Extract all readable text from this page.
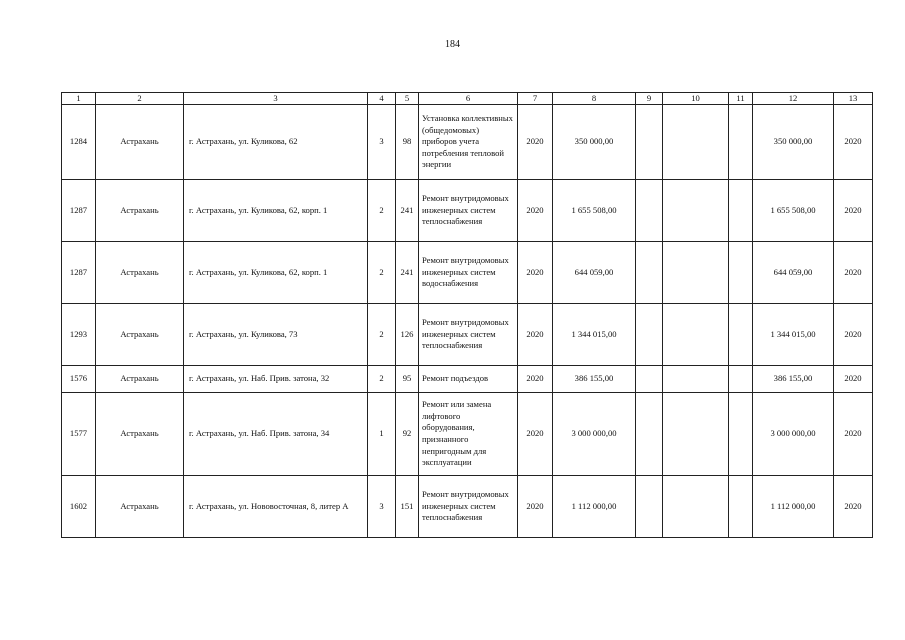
184
1	2	3	4	5	6	7	8	9	10	11	12	13
1284	Астрахань	г. Астрахань, ул. Куликова, 62	3	98	Установка коллективных (общедомовых) приборов учета потребления тепловой энергии	2020	350 000,00				350 000,00	2020
1287	Астрахань	г. Астрахань, ул. Куликова, 62, корп. 1	2	241	Ремонт внутридомовых инженерных систем теплоснабжения	2020	1 655 508,00				1 655 508,00	2020
1287	Астрахань	г. Астрахань, ул. Куликова, 62, корп. 1	2	241	Ремонт внутридомовых инженерных систем водоснабжения	2020	644 059,00				644 059,00	2020
1293	Астрахань	г. Астрахань, ул. Куликова, 73	2	126	Ремонт внутридомовых инженерных систем теплоснабжения	2020	1 344 015,00				1 344 015,00	2020
1576	Астрахань	г. Астрахань, ул. Наб. Прив. затона, 32	2	95	Ремонт подъездов	2020	386 155,00				386 155,00	2020
1577	Астрахань	г. Астрахань, ул. Наб. Прив. затона, 34	1	92	Ремонт или замена лифтового оборудования, признанного непригодным для эксплуатации	2020	3 000 000,00				3 000 000,00	2020
1602	Астрахань	г. Астрахань, ул. Нововосточная, 8, литер А	3	151	Ремонт внутридомовых инженерных систем теплоснабжения	2020	1 112 000,00				1 112 000,00	2020
